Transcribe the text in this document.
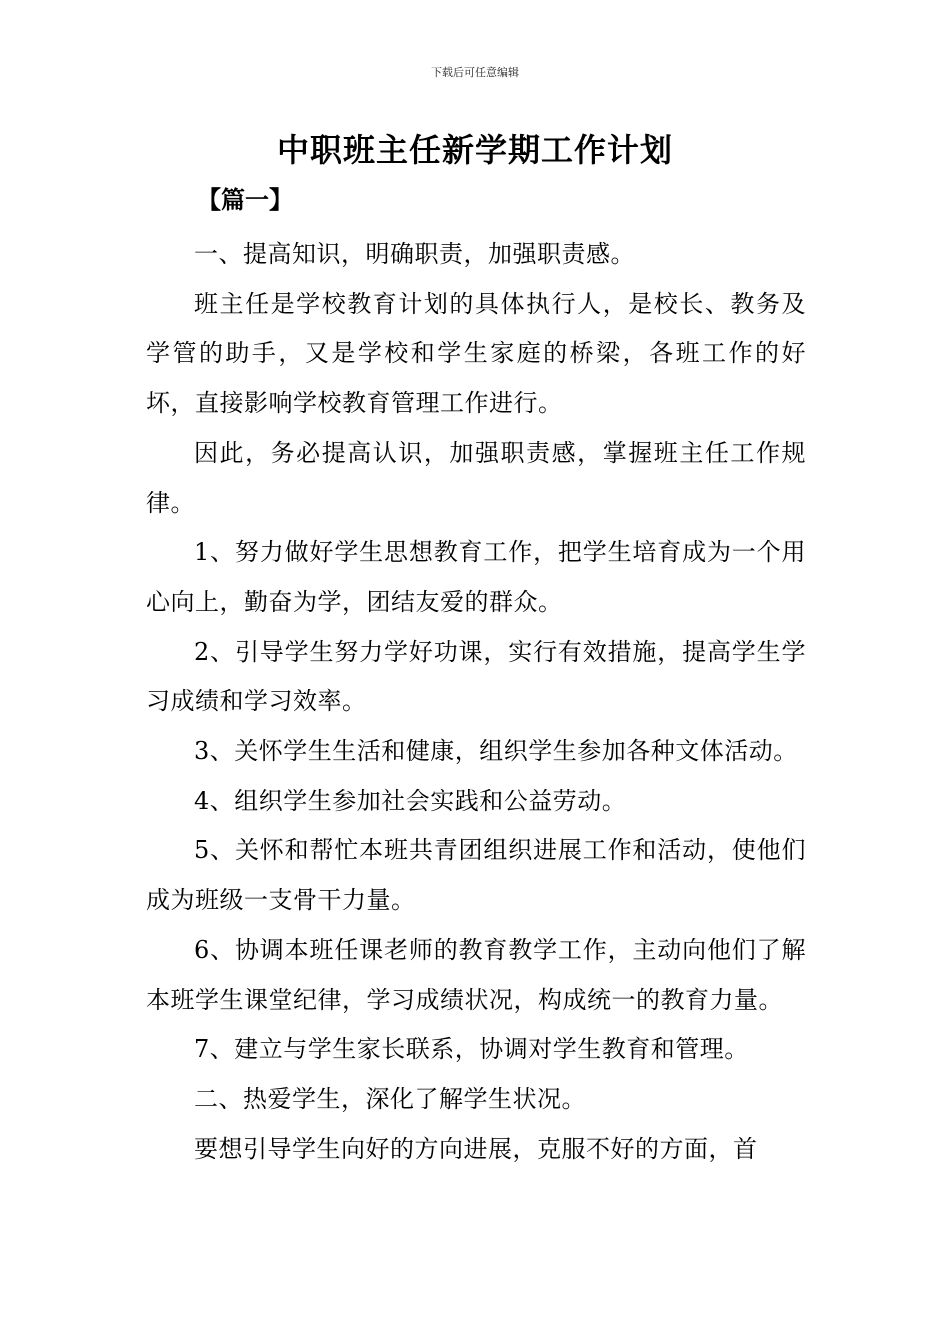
下载后可任意编辑
中职班主任新学期工作计划
【篇一】

一、提高知识，明确职责，加强职责感。

班主任是学校教育计划的具体执行人，是校长、教务及学管的助手，又是学校和学生家庭的桥梁，各班工作的好坏，直接影响学校教育管理工作进行。

因此，务必提高认识，加强职责感，掌握班主任工作规律。

1、努力做好学生思想教育工作，把学生培育成为一个用心向上，勤奋为学，团结友爱的群众。

2、引导学生努力学好功课，实行有效措施，提高学生学习成绩和学习效率。

3、关怀学生生活和健康，组织学生参加各种文体活动。

4、组织学生参加社会实践和公益劳动。

5、关怀和帮忙本班共青团组织进展工作和活动，使他们成为班级一支骨干力量。

6、协调本班任课老师的教育教学工作，主动向他们了解本班学生课堂纪律，学习成绩状况，构成统一的教育力量。

7、建立与学生家长联系，协调对学生教育和管理。

二、热爱学生，深化了解学生状况。

要想引导学生向好的方向进展，克服不好的方面，首
